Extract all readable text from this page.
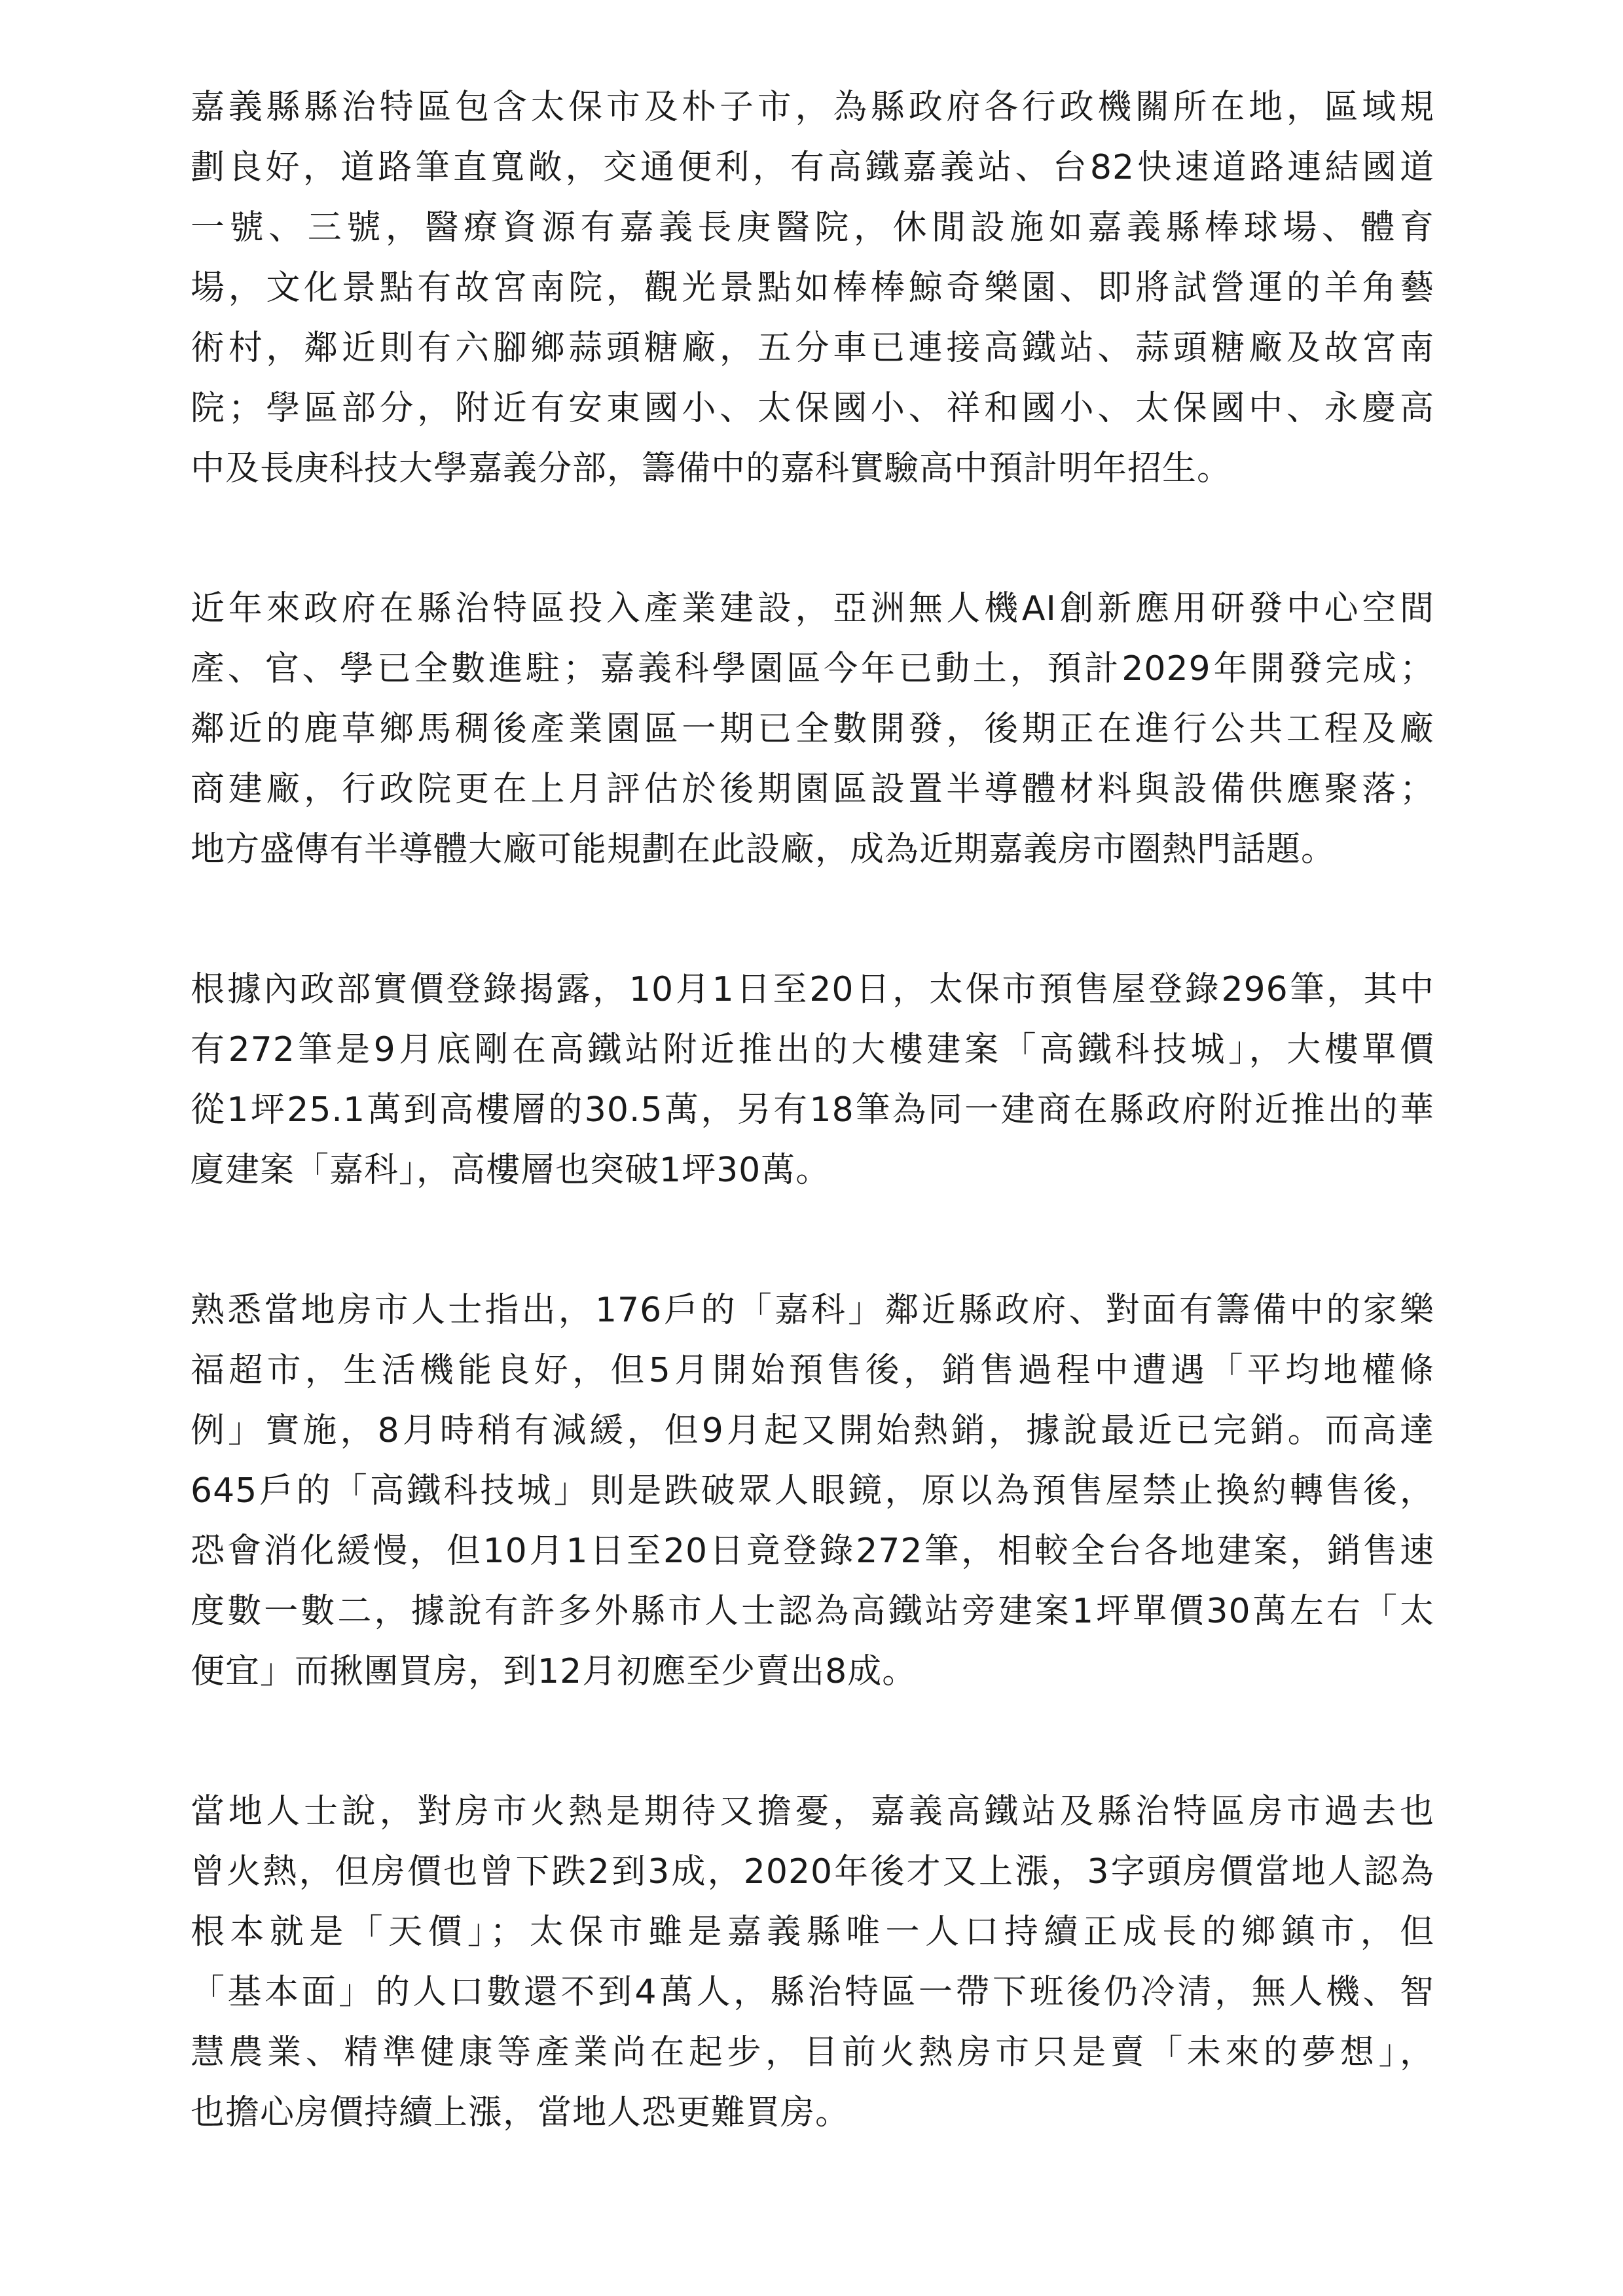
嘉義縣縣治特區包含太保市及朴子市，為縣政府各行政機關所在地，區域規
劃良好，道路筆直寬敞，交通便利，有高鐵嘉義站、台82快速道路連結國道
一號、三號，醫療資源有嘉義長庚醫院，休閒設施如嘉義縣棒球場、體育
場，文化景點有故宮南院，觀光景點如棒棒鯨奇樂園、即將試營運的羊角藝
術村，鄰近則有六腳鄉蒜頭糖廠，五分車已連接高鐵站、蒜頭糖廠及故宮南
院；學區部分，附近有安東國小、太保國小、祥和國小、太保國中、永慶高
中及長庚科技大學嘉義分部，籌備中的嘉科實驗高中預計明年招生。
近年來政府在縣治特區投入產業建設，亞洲無人機AI創新應用研發中心空間
產、官、學已全數進駐；嘉義科學園區今年已動土，預計2029年開發完成；
鄰近的鹿草鄉馬稠後產業園區一期已全數開發，後期正在進行公共工程及廠
商建廠，行政院更在上月評估於後期園區設置半導體材料與設備供應聚落；
地方盛傳有半導體大廠可能規劃在此設廠，成為近期嘉義房市圈熱門話題。
根據內政部實價登錄揭露，10月1日至20日，太保市預售屋登錄296筆，其中
有272筆是9月底剛在高鐵站附近推出的大樓建案「高鐵科技城」，大樓單價
從1坪25.1萬到高樓層的30.5萬，另有18筆為同一建商在縣政府附近推出的華
廈建案「嘉科」，高樓層也突破1坪30萬。
熟悉當地房市人士指出，176戶的「嘉科」鄰近縣政府、對面有籌備中的家樂
福超市，生活機能良好，但5月開始預售後，銷售過程中遭遇「平均地權條
例」實施，8月時稍有減緩，但9月起又開始熱銷，據說最近已完銷。而高達
645戶的「高鐵科技城」則是跌破眾人眼鏡，原以為預售屋禁止換約轉售後，
恐會消化緩慢，但10月1日至20日竟登錄272筆，相較全台各地建案，銷售速
度數一數二，據說有許多外縣市人士認為高鐵站旁建案1坪單價30萬左右「太
便宜」而揪團買房，到12月初應至少賣出8成。
當地人士說，對房市火熱是期待又擔憂，嘉義高鐵站及縣治特區房市過去也
曾火熱，但房價也曾下跌2到3成，2020年後才又上漲，3字頭房價當地人認為
根本就是「天價」；太保市雖是嘉義縣唯一人口持續正成長的鄉鎮市，但
「基本面」的人口數還不到4萬人，縣治特區一帶下班後仍冷清，無人機、智
慧農業、精準健康等產業尚在起步，目前火熱房市只是賣「未來的夢想」，
也擔心房價持續上漲，當地人恐更難買房。
